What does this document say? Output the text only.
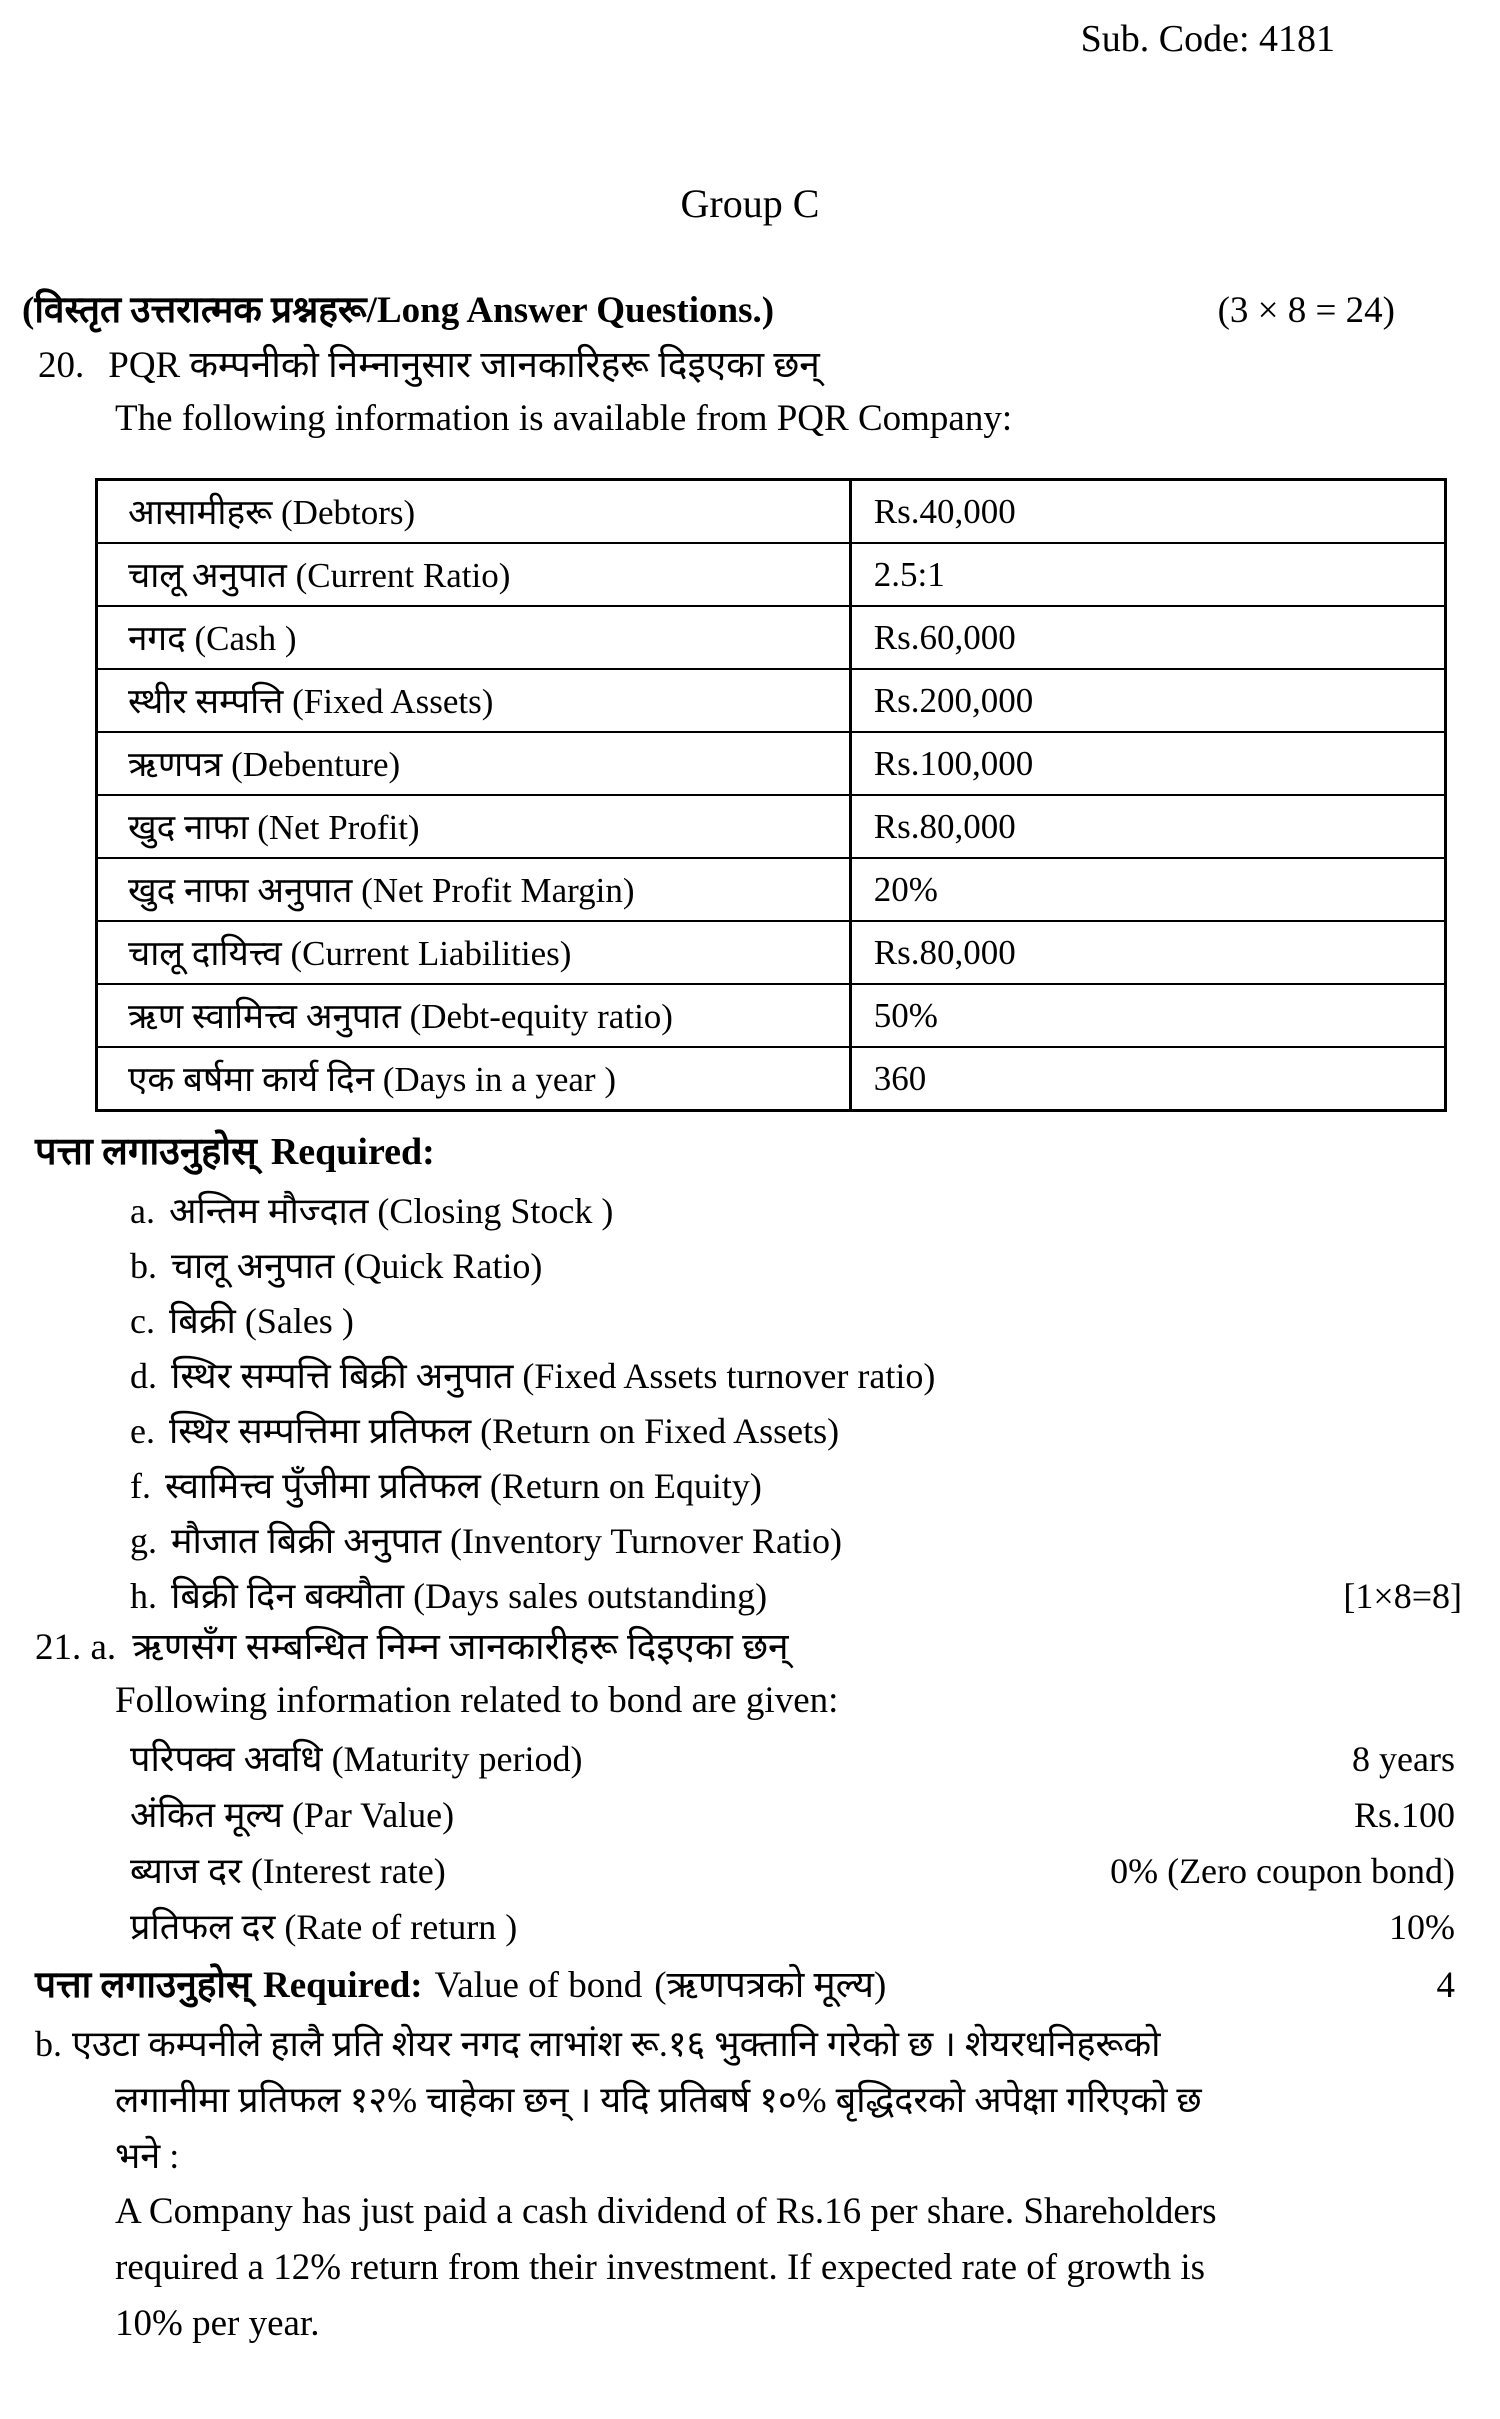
Sub. Code: 4181
Group C
(विस्तृत उत्तरात्मक प्रश्नहरू/Long Answer Questions.)	(3 × 8 = 24)
20. PQR कम्पनीको निम्नानुसार जानकारिहरू दिइएका छन्
The following information is available from PQR Company:
आसामीहरू (Debtors)	Rs.40,000
चालू अनुपात (Current Ratio)	2.5:1
नगद (Cash )	Rs.60,000
स्थीर सम्पत्ति (Fixed Assets)	Rs.200,000
ऋणपत्र (Debenture)	Rs.100,000
खुद नाफा (Net Profit)	Rs.80,000
खुद नाफा अनुपात (Net Profit Margin)	20%
चालू दायित्त्व (Current Liabilities)	Rs.80,000
ऋण स्वामित्त्व अनुपात (Debt-equity ratio)	50%
एक बर्षमा कार्य दिन (Days in a year )	360
पत्ता लगाउनुहोस् Required:
a. अन्तिम मौज्दात (Closing Stock )
b. चालू अनुपात (Quick Ratio)
c. बिक्री (Sales )
d. स्थिर सम्पत्ति बिक्री अनुपात (Fixed Assets turnover ratio)
e. स्थिर सम्पत्तिमा प्रतिफल (Return on Fixed Assets)
f. स्वामित्त्व पुँजीमा प्रतिफल (Return on Equity)
g. मौजात बिक्री अनुपात (Inventory Turnover Ratio)
h. बिक्री दिन बक्यौता (Days sales outstanding)	[1×8=8]
21. a. ऋणसँग सम्बन्धित निम्न जानकारीहरू दिइएका छन्
Following information related to bond are given:
परिपक्व अवधि (Maturity period)	8 years
अंकित मूल्य (Par Value)	Rs.100
ब्याज दर (Interest rate)	0% (Zero coupon bond)
प्रतिफल दर (Rate of return )	10%
पत्ता लगाउनुहोस् Required: Value of bond (ऋणपत्रको मूल्य)	4
b. एउटा कम्पनीले हालै प्रति शेयर नगद लाभांश रू.१६ भुक्तानि गरेको छ । शेयरधनिहरूको
लगानीमा प्रतिफल १२% चाहेका छन् । यदि प्रतिबर्ष १०% बृद्धिदरको अपेक्षा गरिएको छ
भने :
A Company has just paid a cash dividend of Rs.16 per share. Shareholders
required a 12% return from their investment. If expected rate of growth is
10% per year.
